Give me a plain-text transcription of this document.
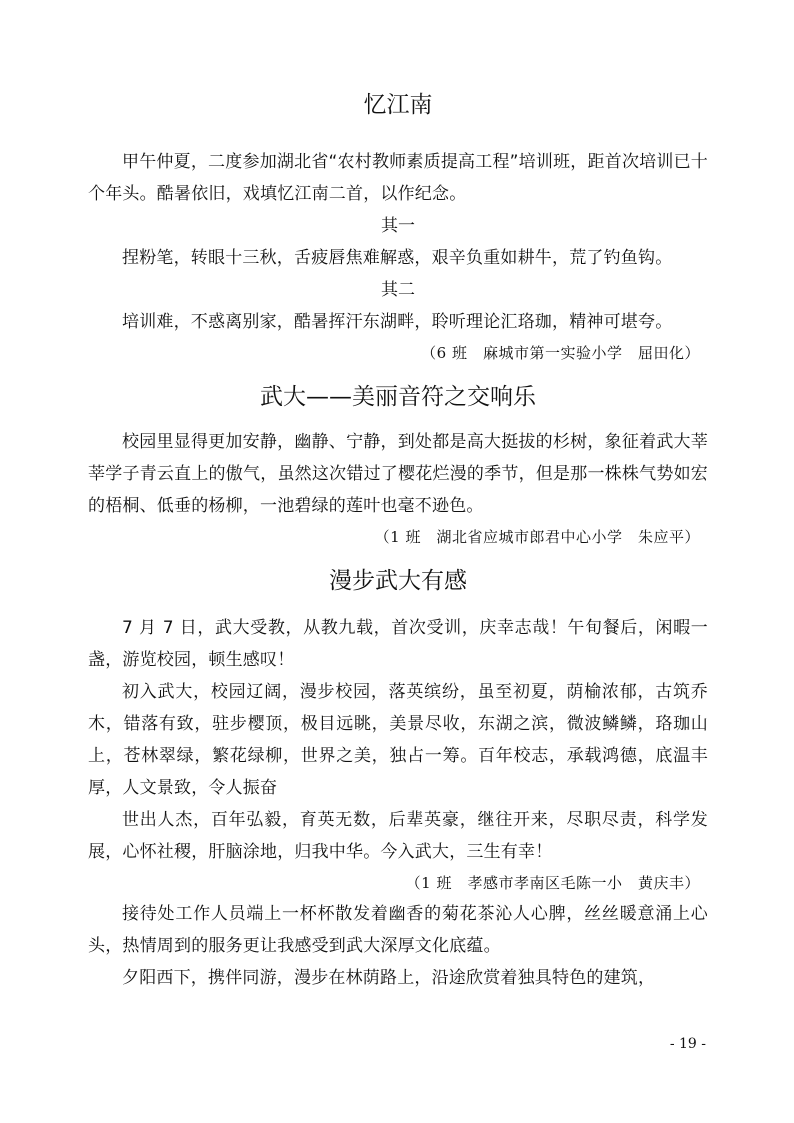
忆江南

甲午仲夏，二度参加湖北省“农村教师素质提高工程”培训班，距首次培训已十个年头。酷暑依旧，戏填忆江南二首，以作纪念。

其一

捏粉笔，转眼十三秋，舌疲唇焦难解惑，艰辛负重如耕牛，荒了钓鱼钩。

其二

培训难，不惑离别家，酷暑挥汗东湖畔，聆听理论汇珞珈，精神可堪夸。

（6 班　麻城市第一实验小学　屈田化）
武大——美丽音符之交响乐

校园里显得更加安静，幽静、宁静，到处都是高大挺拔的杉树，象征着武大莘莘学子青云直上的傲气，虽然这次错过了樱花烂漫的季节，但是那一株株气势如宏的梧桐、低垂的杨柳，一池碧绿的莲叶也毫不逊色。

（1 班　湖北省应城市郎君中心小学　朱应平）
漫步武大有感

7 月 7 日，武大受教，从教九载，首次受训，庆幸志哉！午旬餐后，闲暇一盏，游览校园，顿生感叹！

初入武大，校园辽阔，漫步校园，落英缤纷，虽至初夏，荫榆浓郁，古筑乔木，错落有致，驻步樱顶，极目远眺，美景尽收，东湖之滨，微波鳞鳞，珞珈山上，苍林翠绿，繁花绿柳，世界之美，独占一筹。百年校志，承载鸿德，底温丰厚，人文景致，令人振奋

世出人杰，百年弘毅，育英无数，后辈英豪，继往开来，尽职尽责，科学发展，心怀社稷，肝脑涂地，归我中华。今入武大，三生有幸！

（1 班　孝感市孝南区毛陈一小　黄庆丰）

接待处工作人员端上一杯杯散发着幽香的菊花茶沁人心脾，丝丝暖意涌上心头，热情周到的服务更让我感受到武大深厚文化底蕴。

夕阳西下，携伴同游，漫步在林荫路上，沿途欣赏着独具特色的建筑，

- 19 -
